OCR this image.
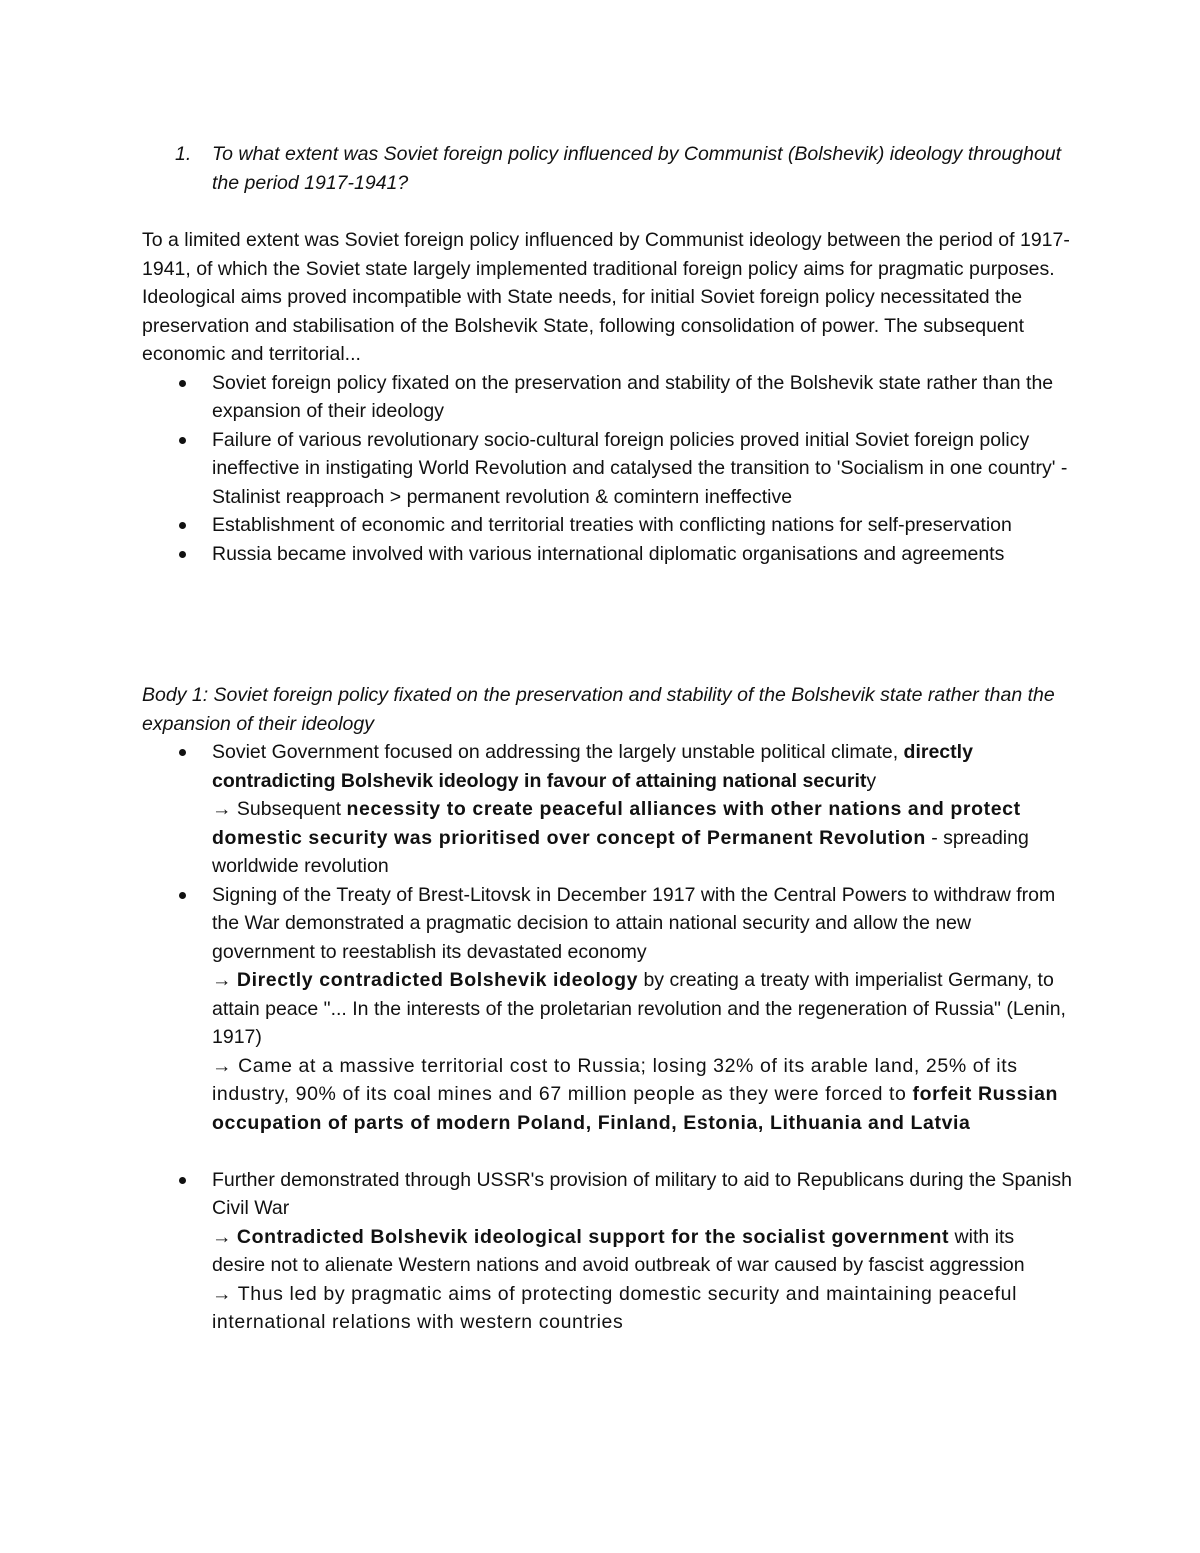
1. To what extent was Soviet foreign policy influenced by Communist (Bolshevik) ideology throughout the period 1917-1941?

To a limited extent was Soviet foreign policy influenced by Communist ideology between the period of 1917-1941, of which the Soviet state largely implemented traditional foreign policy aims for pragmatic purposes. Ideological aims proved incompatible with State needs, for initial Soviet foreign policy necessitated the preservation and stabilisation of the Bolshevik State, following consolidation of power. The subsequent economic and territorial...

Soviet foreign policy fixated on the preservation and stability of the Bolshevik state rather than the expansion of their ideology
Failure of various revolutionary socio-cultural foreign policies proved initial Soviet foreign policy ineffective in instigating World Revolution and catalysed the transition to 'Socialism in one country' - Stalinist reapproach > permanent revolution & comintern ineffective
Establishment of economic and territorial treaties with conflicting nations for self-preservation
Russia became involved with various international diplomatic organisations and agreements

Body 1: Soviet foreign policy fixated on the preservation and stability of the Bolshevik state rather than the expansion of their ideology

Soviet Government focused on addressing the largely unstable political climate, directly contradicting Bolshevik ideology in favour of attaining national security
→ Subsequent necessity to create peaceful alliances with other nations and protect domestic security was prioritised over concept of Permanent Revolution - spreading worldwide revolution
Signing of the Treaty of Brest-Litovsk in December 1917 with the Central Powers to withdraw from the War demonstrated a pragmatic decision to attain national security and allow the new government to reestablish its devastated economy
→ Directly contradicted Bolshevik ideology by creating a treaty with imperialist Germany, to attain peace "... In the interests of the proletarian revolution and the regeneration of Russia" (Lenin, 1917)
→ Came at a massive territorial cost to Russia; losing 32% of its arable land, 25% of its industry, 90% of its coal mines and 67 million people as they were forced to forfeit Russian occupation of parts of modern Poland, Finland, Estonia, Lithuania and Latvia
Further demonstrated through USSR's provision of military to aid to Republicans during the Spanish Civil War
→ Contradicted Bolshevik ideological support for the socialist government with its desire not to alienate Western nations and avoid outbreak of war caused by fascist aggression
→ Thus led by pragmatic aims of protecting domestic security and maintaining peaceful international relations with western countries
